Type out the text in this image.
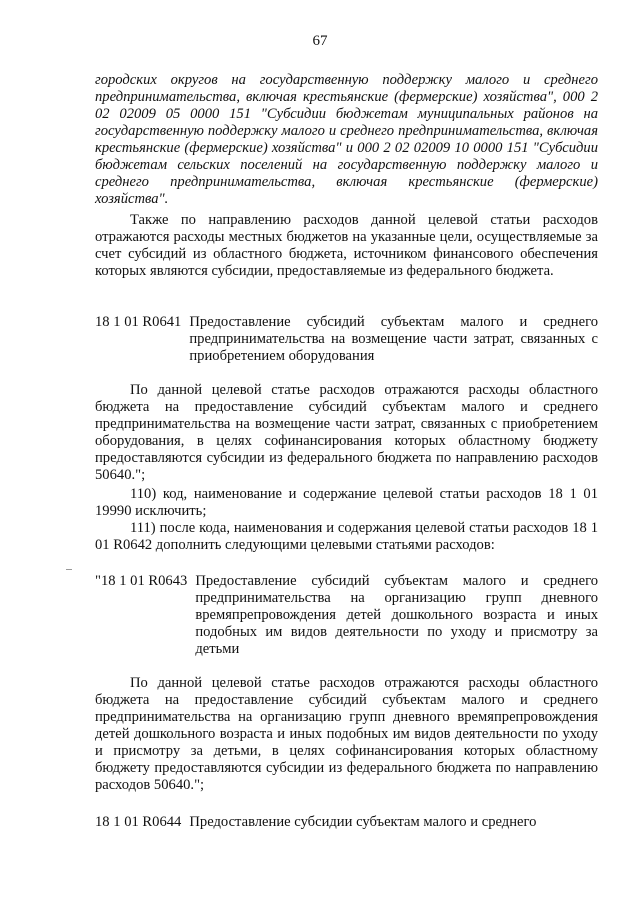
67

городских округов на государственную поддержку малого и среднего предпринимательства, включая крестьянские (фермерские) хозяйства", 000 2 02 02009 05 0000 151 "Субсидии бюджетам муниципальных районов на государственную поддержку малого и среднего предпринимательства, включая крестьянские (фермерские) хозяйства" и 000 2 02 02009 10 0000 151 "Субсидии бюджетам сельских поселений на государственную поддержку малого и среднего предпринимательства, включая крестьянские (фермерские) хозяйства".

Также по направлению расходов данной целевой статьи расходов отражаются расходы местных бюджетов на указанные цели, осуществляемые за счет субсидий из областного бюджета, источником финансового обеспечения которых являются субсидии, предоставляемые из федерального бюджета.

18 1 01 R0641 Предоставление субсидий субъектам малого и среднего предпринимательства на возмещение части затрат, связанных с приобретением оборудования

По данной целевой статье расходов отражаются расходы областного бюджета на предоставление субсидий субъектам малого и среднего предпринимательства на возмещение части затрат, связанных с приобретением оборудования, в целях софинансирования которых областному бюджету предоставляются субсидии из федерального бюджета по направлению расходов 50640.";

110) код, наименование и содержание целевой статьи расходов 18 1 01 19990 исключить;

111) после кода, наименования и содержания целевой статьи расходов 18 1 01 R0642 дополнить следующими целевыми статьями расходов:

"18 1 01 R0643 Предоставление субсидий субъектам малого и среднего предпринимательства на организацию групп дневного времяпрепровождения детей дошкольного возраста и иных подобных им видов деятельности по уходу и присмотру за детьми

По данной целевой статье расходов отражаются расходы областного бюджета на предоставление субсидий субъектам малого и среднего предпринимательства на организацию групп дневного времяпрепровождения детей дошкольного возраста и иных подобных им видов деятельности по уходу и присмотру за детьми, в целях софинансирования которых областному бюджету предоставляются субсидии из федерального бюджета по направлению расходов 50640.";

18 1 01 R0644 Предоставление субсидии субъектам малого и среднего
